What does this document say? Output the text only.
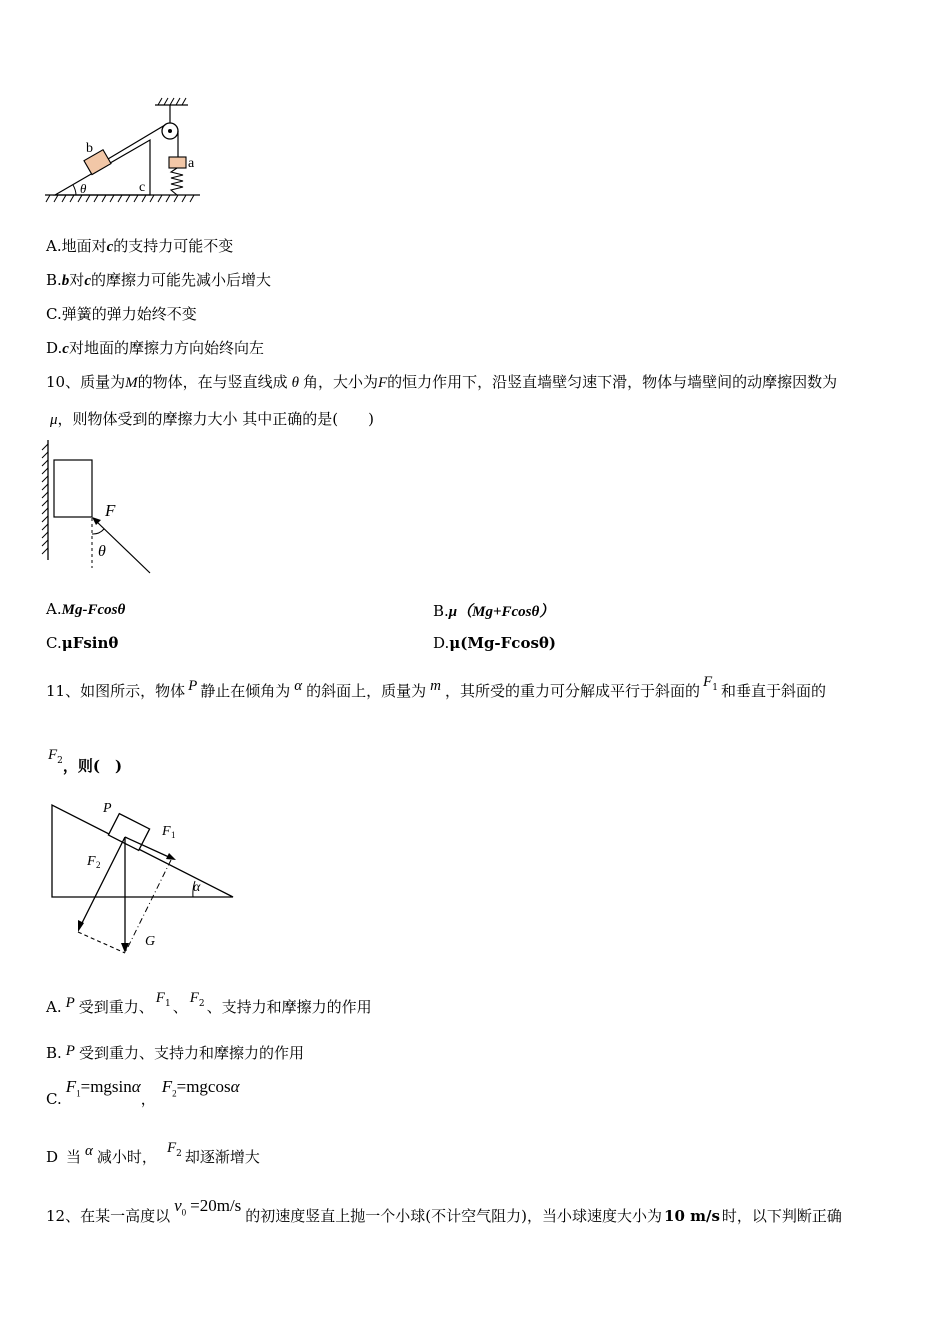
b
a
c
θ
A.地面对c的支持力可能不变
B.b对c的摩擦力可能先减小后增大
C.弹簧的弹力始终不变
D.c对地面的摩擦力方向始终向左
10、质量为M的物体，在与竖直线成 θ 角，大小为F的恒力作用下，沿竖直墙壁匀速下滑，物体与墙壁间的动摩擦因数为
μ，则物体受到的摩擦力大小 其中正确的是(　　)
F
θ
A.Mg-Fcosθ	B.μ（Mg+Fcosθ）
C.μFsinθ	D.μ(Mg-Fcosθ)
11、如图所示，物体 P 静止在倾角为 α 的斜面上，质量为 m ，其所受的重力可分解成平行于斜面的 $F_1$ 和垂直于斜面的
$F_2$，则(　)
P
F 1
F 2
α
G
A. P 受到重力、 $F_1$ 、 $F_2$ 、支持力和摩擦力的作用
B. P 受到重力、支持力和摩擦力的作用
$C.F_1=mgsin\alpha$，$F_2=mgcos\alpha$
D 当 α 减小时， $F_2$ 却逐渐增大
12、在某一高度以$v_0 =20m/s$的初速度竖直上抛一个小球(不计空气阻力)，当小球速度大小为 10 m/s 时，以下判断正确
